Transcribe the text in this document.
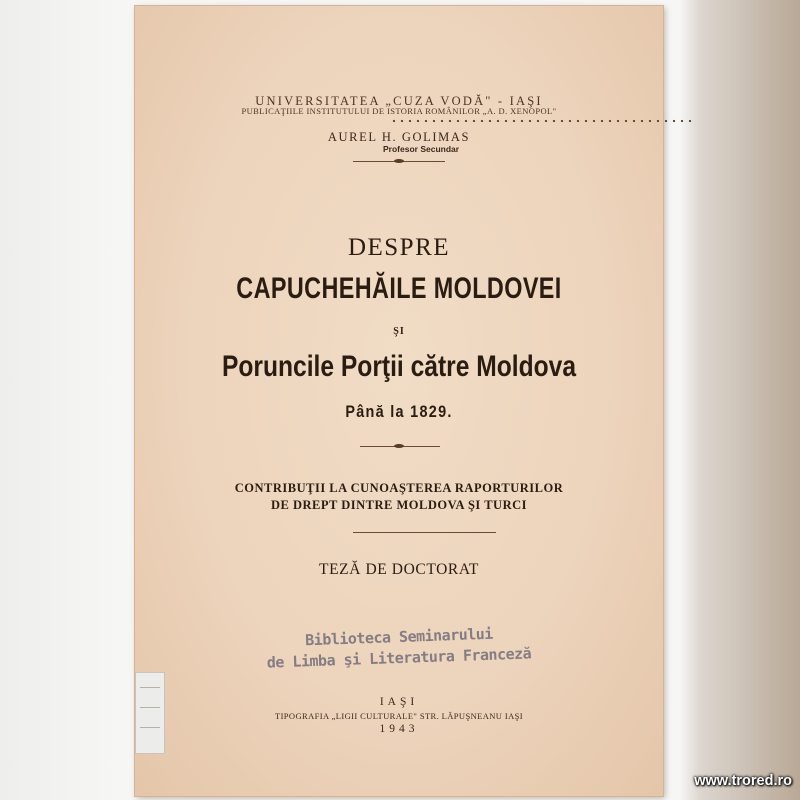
UNIVERSITATEA „CUZA VODĂ" - IAŞI
PUBLICAŢIILE INSTITUTULUI DE ISTORIA ROMÂNILOR „A. D. XENOPOL"
AUREL H. GOLIMAS
Profesor Secundar
DESPRE
CAPUCHEHĂILE MOLDOVEI
ŞI
Poruncile Porţii către Moldova
Până la 1829.
CONTRIBUŢII LA CUNOAŞTEREA RAPORTURILOR
DE DREPT DINTRE MOLDOVA ŞI TURCI
TEZĂ DE DOCTORAT
Biblioteca Seminarului
de Limba şi Literatura Franceză
IAŞI
TIPOGRAFIA „LIGII CULTURALE" STR. LĂPUŞNEANU IAŞI
1943
www.trored.ro
